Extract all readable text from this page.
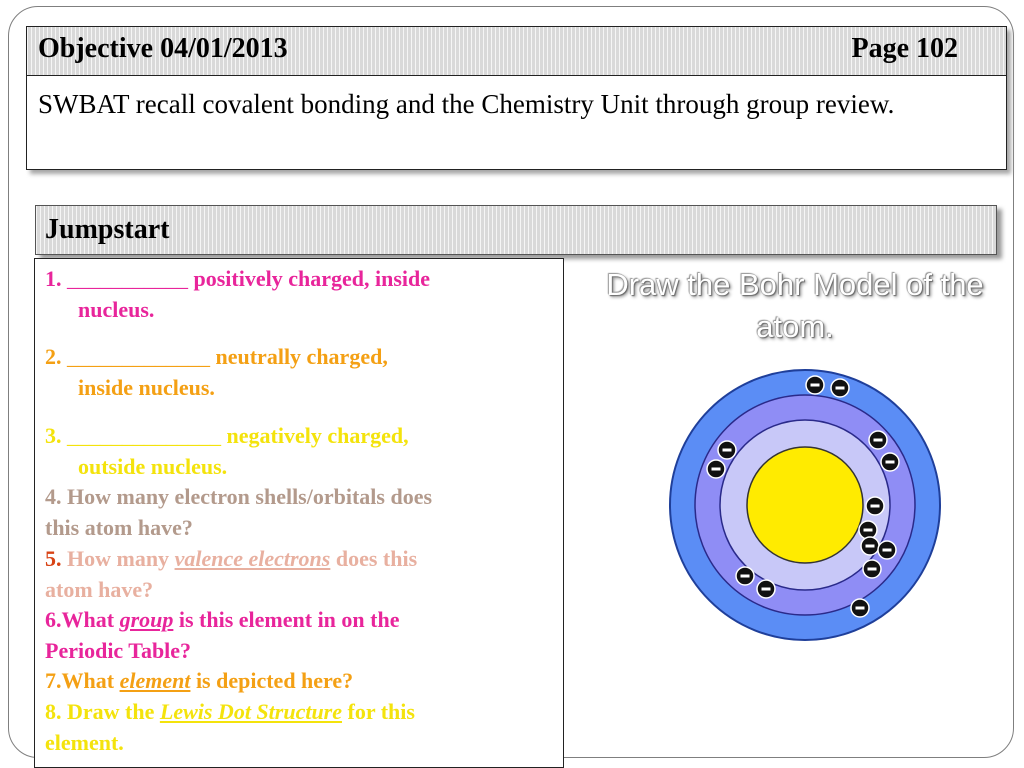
Objective 04/01/2013	Page 102
SWBAT recall covalent bonding and the Chemistry Unit through group review.
Jumpstart
1. ___________ positively charged, inside
nucleus.
2. _____________ neutrally charged,
inside nucleus.
3. ______________ negatively charged,
outside nucleus.
4. How many electron shells/orbitals does
this atom have?
5. How many valence electrons does this
atom have?
6.What group is this element in on the
Periodic Table?
7.What element is depicted here?
8. Draw the Lewis Dot Structure for this
element.
Draw the Bohr Model of the atom.
